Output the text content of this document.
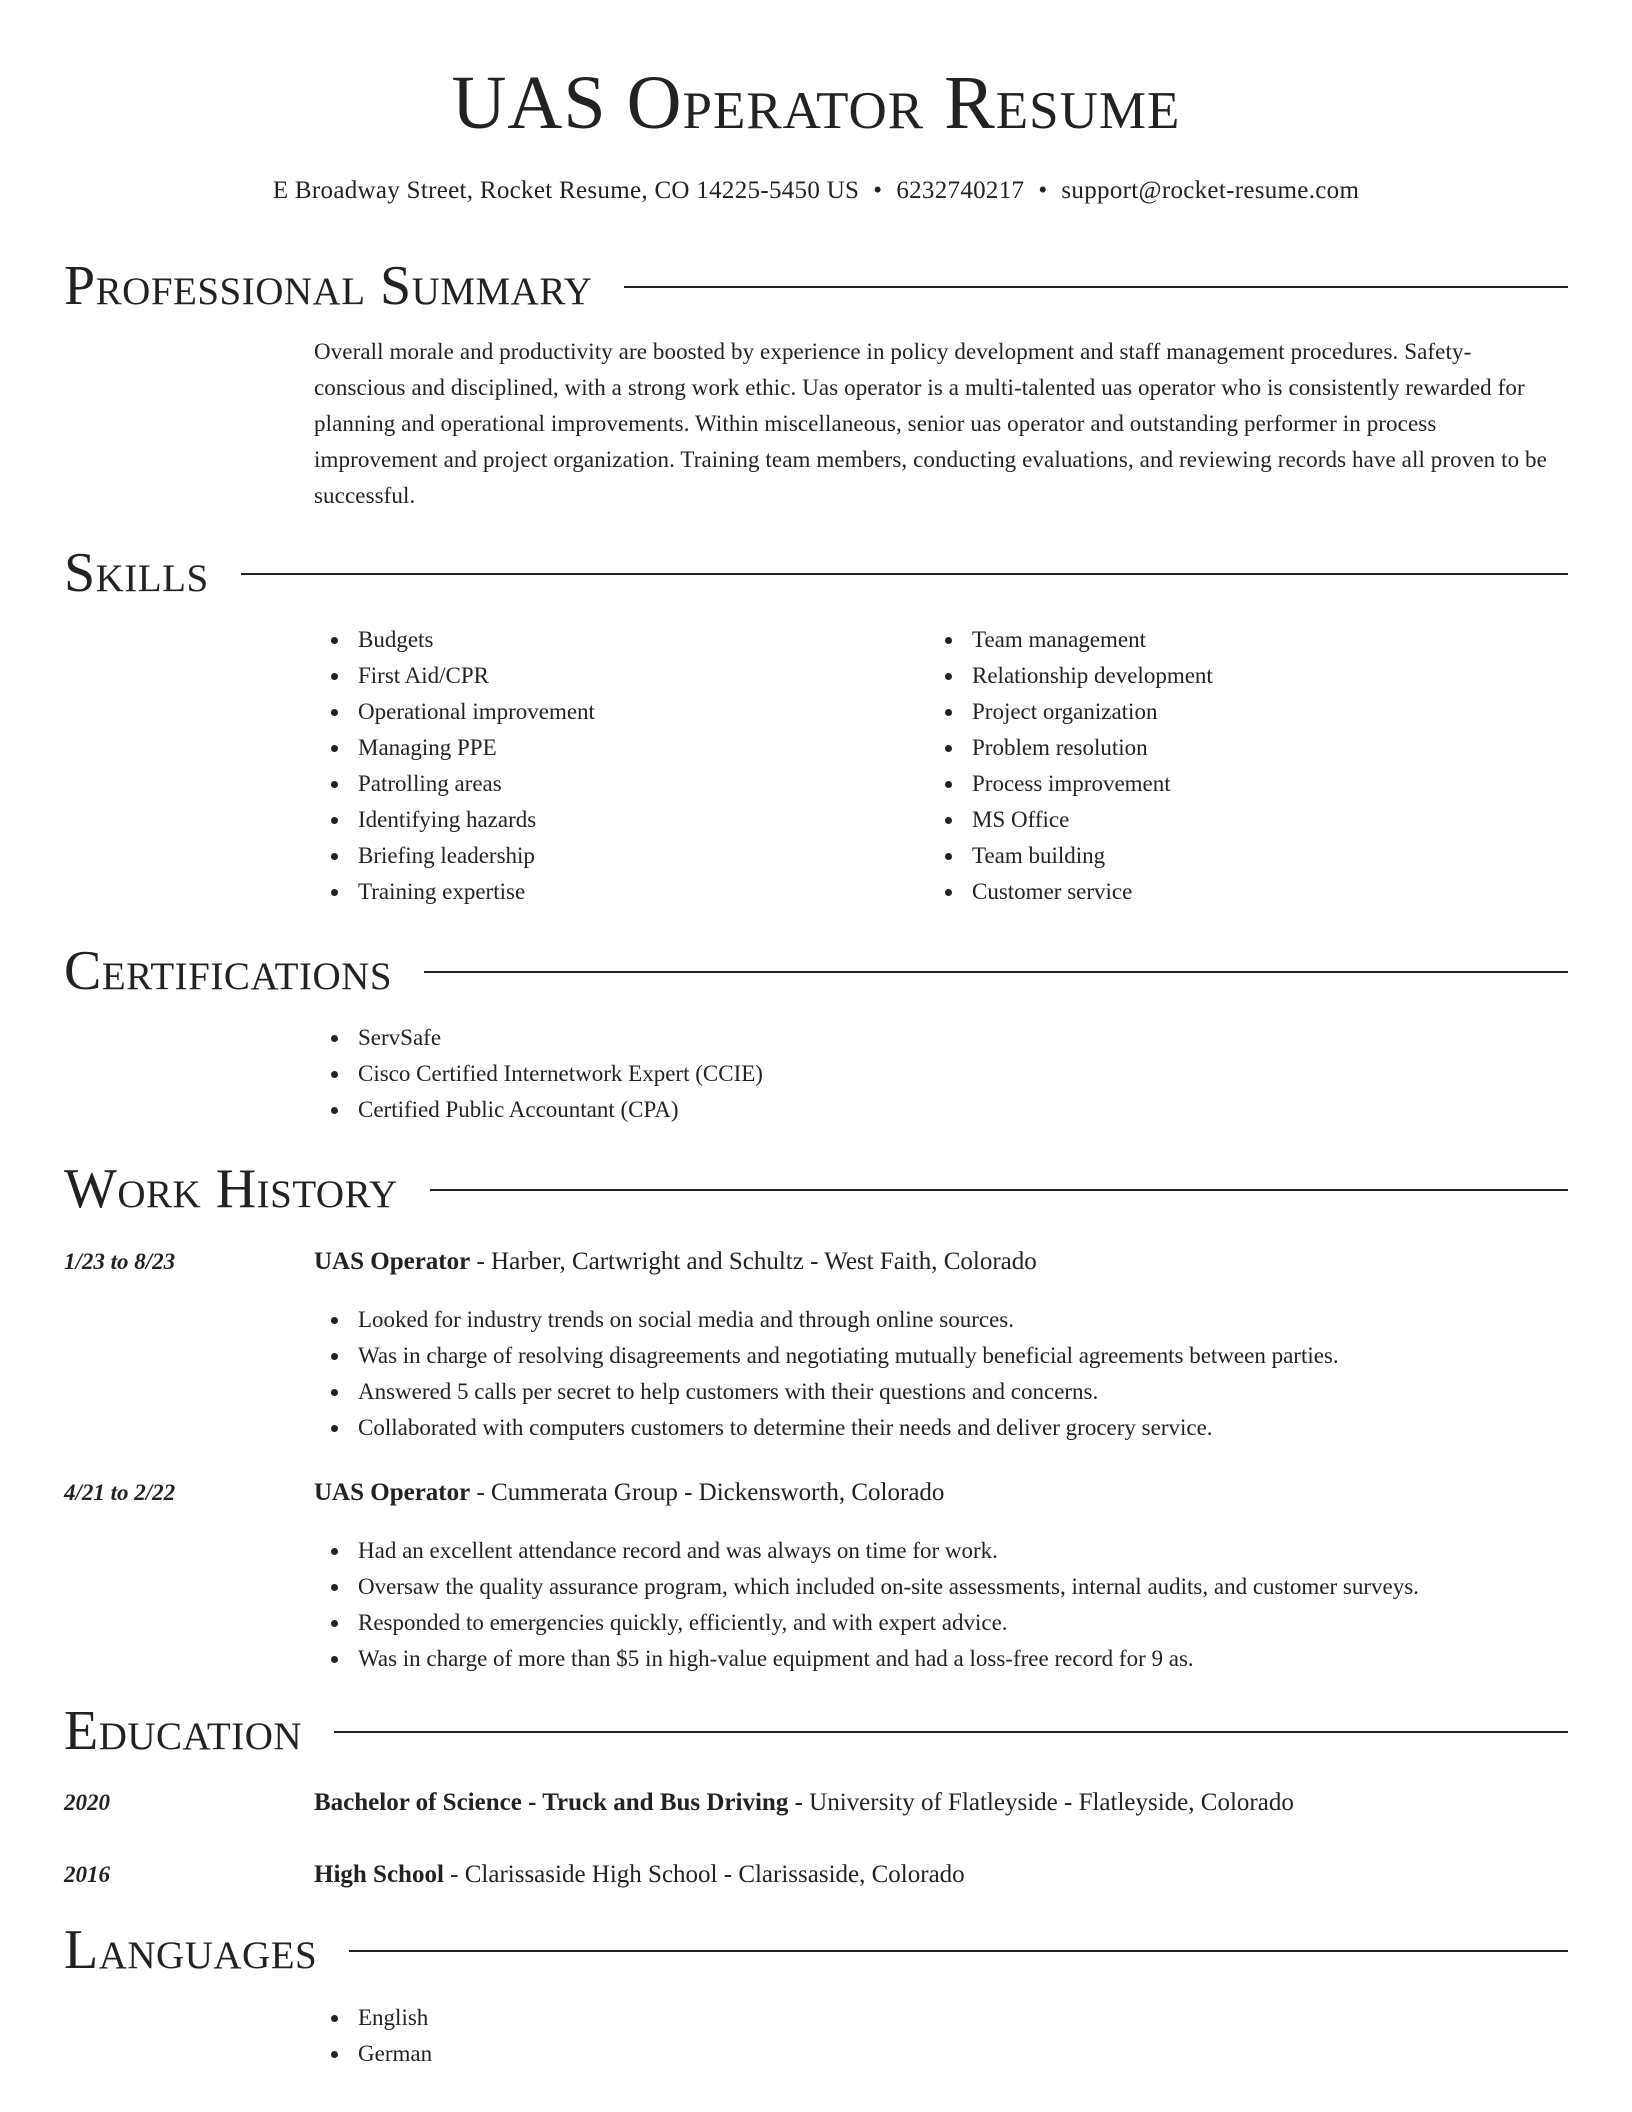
UAS Operator Resume
E Broadway Street, Rocket Resume, CO 14225-5450 US • 6232740217 • support@rocket-resume.com
Professional Summary
Overall morale and productivity are boosted by experience in policy development and staff management procedures. Safety-conscious and disciplined, with a strong work ethic. Uas operator is a multi-talented uas operator who is consistently rewarded for planning and operational improvements. Within miscellaneous, senior uas operator and outstanding performer in process improvement and project organization. Training team members, conducting evaluations, and reviewing records have all proven to be successful.
Skills
Budgets
First Aid/CPR
Operational improvement
Managing PPE
Patrolling areas
Identifying hazards
Briefing leadership
Training expertise
Team management
Relationship development
Project organization
Problem resolution
Process improvement
MS Office
Team building
Customer service
Certifications
ServSafe
Cisco Certified Internetwork Expert (CCIE)
Certified Public Accountant (CPA)
Work History
1/23 to 8/23	UAS Operator - Harber, Cartwright and Schultz - West Faith, Colorado
Looked for industry trends on social media and through online sources.
Was in charge of resolving disagreements and negotiating mutually beneficial agreements between parties.
Answered 5 calls per secret to help customers with their questions and concerns.
Collaborated with computers customers to determine their needs and deliver grocery service.
4/21 to 2/22	UAS Operator - Cummerata Group - Dickensworth, Colorado
Had an excellent attendance record and was always on time for work.
Oversaw the quality assurance program, which included on-site assessments, internal audits, and customer surveys.
Responded to emergencies quickly, efficiently, and with expert advice.
Was in charge of more than $5 in high-value equipment and had a loss-free record for 9 as.
Education
2020	Bachelor of Science - Truck and Bus Driving - University of Flatleyside - Flatleyside, Colorado
2016	High School - Clarissaside High School - Clarissaside, Colorado
Languages
English
German
